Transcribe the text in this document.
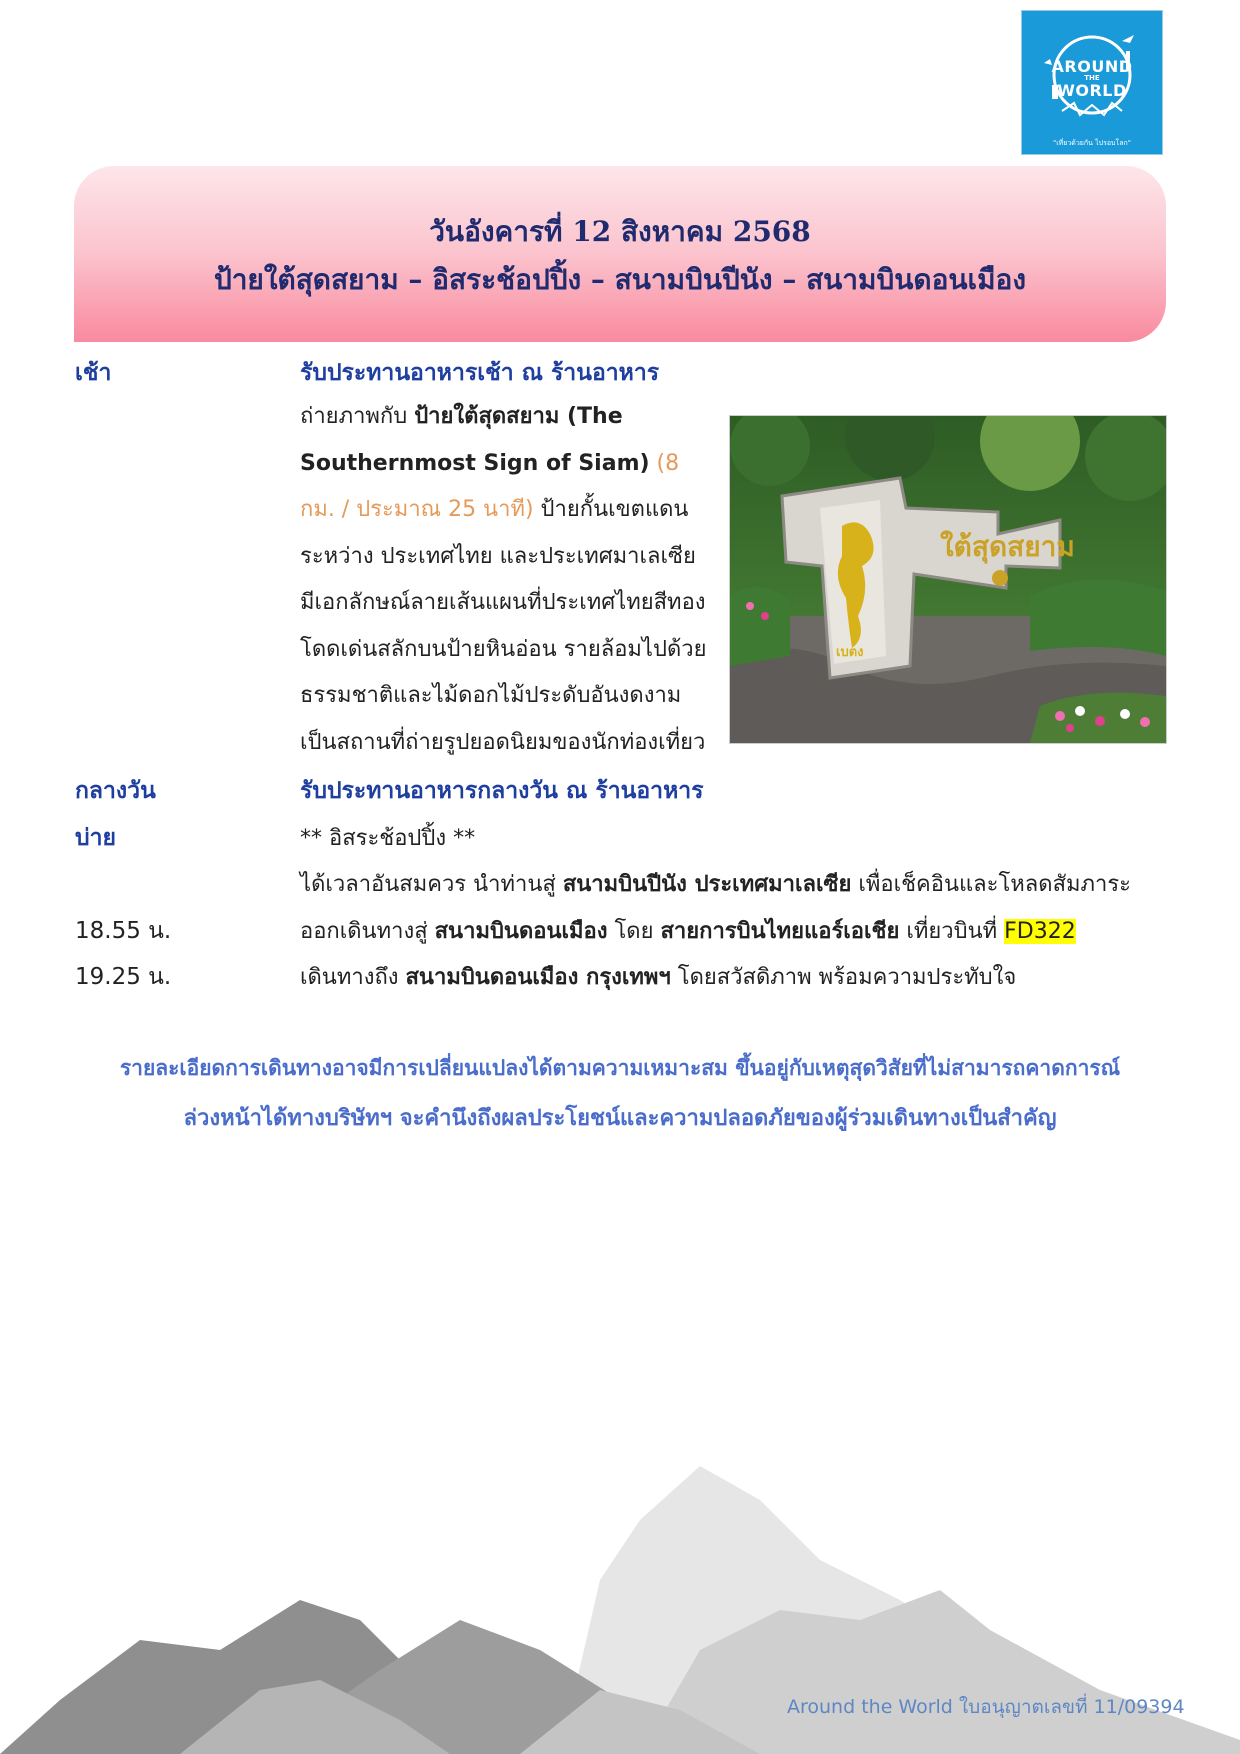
AROUND
THE
WORLD
"เที่ยวด้วยกัน ไปรอบโลก"
วันอังคารที่ 12 สิงหาคม 2568
ป้ายใต้สุดสยาม – อิสระช้อปปิ้ง – สนามบินปีนัง – สนามบินดอนเมือง
เช้า	รับประทานอาหารเช้า ณ ร้านอาหาร
ถ่ายภาพกับ ป้ายใต้สุดสยาม (The Southernmost Sign of Siam) (8 กม. / ประมาณ 25 นาที) ป้ายกั้นเขตแดนระหว่าง ประเทศไทย และประเทศมาเลเซีย มีเอกลักษณ์ลายเส้นแผนที่ประเทศไทยสีทอง โดดเด่นสลักบนป้ายหินอ่อน รายล้อมไปด้วยธรรมชาติและไม้ดอกไม้ประดับอันงดงาม เป็นสถานที่ถ่ายรูปยอดนิยมของนักท่องเที่ยว
ใต้สุดสยาม
เบตง
กลางวัน	รับประทานอาหารกลางวัน ณ ร้านอาหาร
บ่าย	** อิสระช้อปปิ้ง **
ได้เวลาอันสมควร นำท่านสู่ สนามบินปีนัง ประเทศมาเลเซีย เพื่อเช็คอินและโหลดสัมภาระ
18.55 น.	ออกเดินทางสู่ สนามบินดอนเมือง โดย สายการบินไทยแอร์เอเชีย เที่ยวบินที่ FD322
19.25 น.	เดินทางถึง สนามบินดอนเมือง กรุงเทพฯ โดยสวัสดิภาพ พร้อมความประทับใจ
รายละเอียดการเดินทางอาจมีการเปลี่ยนแปลงได้ตามความเหมาะสม ขึ้นอยู่กับเหตุสุดวิสัยที่ไม่สามารถคาดการณ์
ล่วงหน้าได้ทางบริษัทฯ จะคำนึงถึงผลประโยชน์และความปลอดภัยของผู้ร่วมเดินทางเป็นสำคัญ
Around the World ใบอนุญาตเลขที่ 11/09394
